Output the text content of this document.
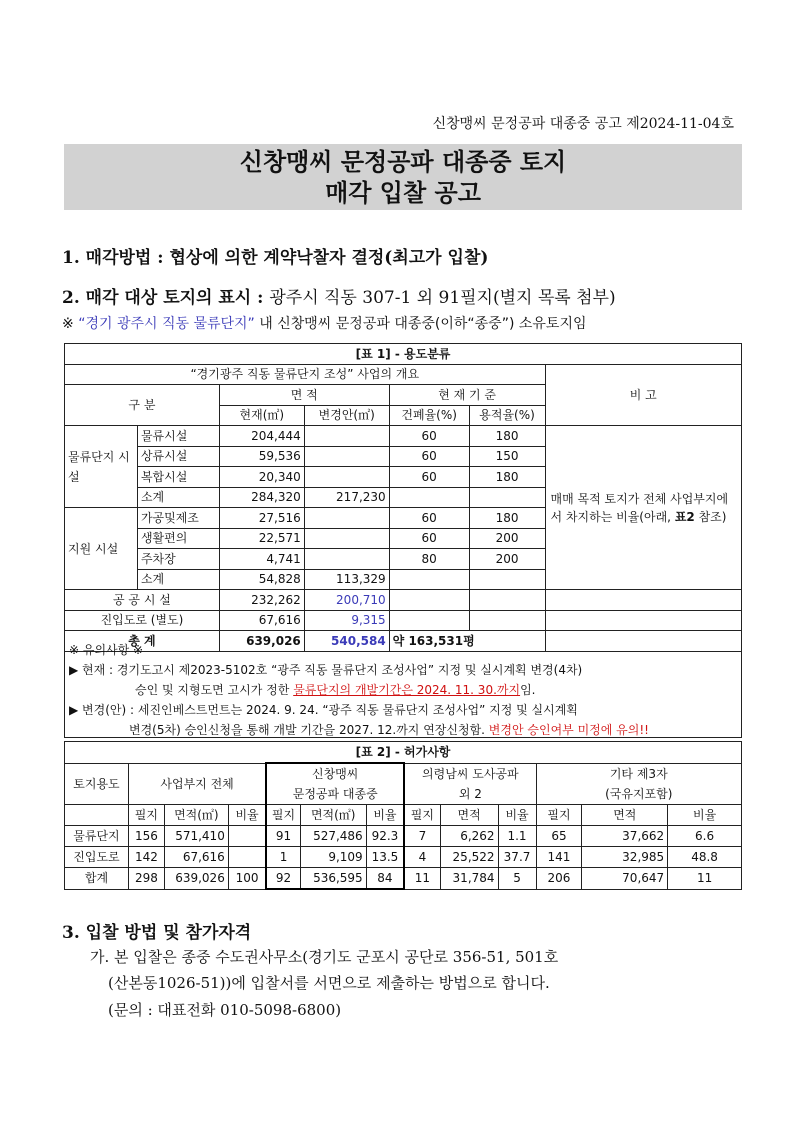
신창맹씨 문정공파 대종중 공고 제2024-11-04호
신창맹씨 문정공파 대종중 토지
매각 입찰 공고
1. 매각방법 : 협상에 의한 계약낙찰자 결정(최고가 입찰)
2. 매각 대상 토지의 표시 : 광주시 직동 307-1 외 91필지(별지 목록 첨부)
※ “경기 광주시 직동 물류단지” 내 신창맹씨 문정공파 대종중(이하“종중”) 소유토지임
[표 1] - 용도분류						
“경기광주 직동 물류단지 조성” 사업의 개요						비 고
구 분		면 적		현 재 기 준		
		현재(㎡)	변경안(㎡)	건폐율(%)	용적율(%)	
물류단지 시설	물류시설	204,444		60	180	매매 목적 토지가 전체 사업부지에서 차지하는 비율(아래, 표2 참조)
	상류시설	59,536		60	150	
	복합시설	20,340		60	180	
	소계	284,320	217,230			
지원 시설	가공및제조	27,516		60	180	
	생활편의	22,571		60	200	
	주차장	4,741		80	200	
	소계	54,828	113,329			
공 공 시 설		232,262	200,710			
진입도로 (별도)		67,616	9,315			
총 계		639,026	540,584	약 163,531평		
※ 유의사항 ※
▶ 현재 : 경기도고시 제2023-5102호 “광주 직동 물류단지 조성사업” 지정 및 실시계획 변경(4차)
승인 및 지형도면 고시가 정한 물류단지의 개발기간은 2024. 11. 30.까지임.
▶ 변경(안) : 세진인베스트먼트는 2024. 9. 24. “광주 직동 물류단지 조성사업” 지정 및 실시계획
변경(5차) 승인신청을 통해 개발 기간을 2027. 12.까지 연장신청함. 변경안 승인여부 미정에 유의!!
[표 2] - 허가사항												
토지용도	사업부지 전체			신창맹씨			의령남씨 도사공파			기타 제3자		
				문정공파 대종중			외 2			(국유지포함)		
	필지	면적(㎡)	비율	필지	면적(㎡)	비율	필지	면적	비율	필지	면적	비율
물류단지	156	571,410		91	527,486	92.3	7	6,262	1.1	65	37,662	6.6
진입도로	142	67,616		1	9,109	13.5	4	25,522	37.7	141	32,985	48.8
합계	298	639,026	100	92	536,595	84	11	31,784	5	206	70,647	11
3. 입찰 방법 및 참가자격
가. 본 입찰은 종중 수도권사무소(경기도 군포시 공단로 356-51, 501호
(산본동1026-51))에 입찰서를 서면으로 제출하는 방법으로 합니다.
(문의 : 대표전화 010-5098-6800)
